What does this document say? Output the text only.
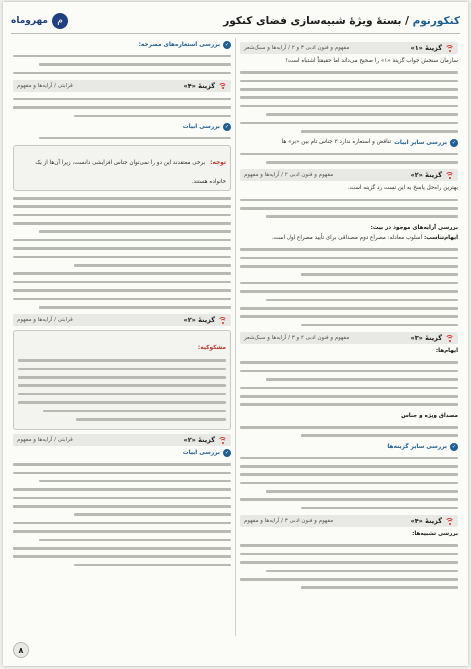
کنکورنوم / بستهٔ ویژهٔ شبیه‌سازی فضای کنکور
م
مهروماه
گزینهٔ «۱»
مفهوم و فنون ادبی ۳ و ۲ / آرایه‌ها و سبک‌شعر
سازمان سنجش جواب گزینهٔ «۱» را صحیح می‌داند اما حقیقتاً اشتباه است!
✓
بررسی سایر ابیات
تناقض و استعاره ندارد ۳ جناس تام بین «بر» ها
گزینهٔ «۲»
مفهوم و فنون ادبی ۲ / آرایه‌ها و مفهوم
بهترین راه‌حل پاسخ به این تست رد گزینه است.
بررسی آرایه‌های موجود در بیت:
ایهام‌تناسب: اسلوب معادله: مصراع دوم مصداقی برای تأیید مصراع اول است.
گزینهٔ «۳»
مفهوم و فنون ادبی ۲ و ۳ / آرایه‌ها و سبک‌شعر
ایهام‌ها:
مصداق ویژه و جناس
✓
بررسی سایر گزینه‌ها
گزینهٔ «۴»
مفهوم و فنون ادبی ۳ / آرایه‌ها و مفهوم
بررسی تشبیه‌ها:
✓
بررسی استعاره‌های مصرحه:
گزینهٔ «۴»
قرابتی / آرایه‌ها و مفهوم
✓
بررسی ابیات
توجه: برخی معتقدند این دو را نمی‌توان جناس افزایشی دانست، زیرا آن‌ها از یک خانواده هستند.
گزینهٔ «۲»
قرابتی / آرایه‌ها و مفهوم
مشکوکیه:
گزینهٔ «۲»
قرابتی / آرایه‌ها و مفهوم
✓
بررسی ابیات
۸
